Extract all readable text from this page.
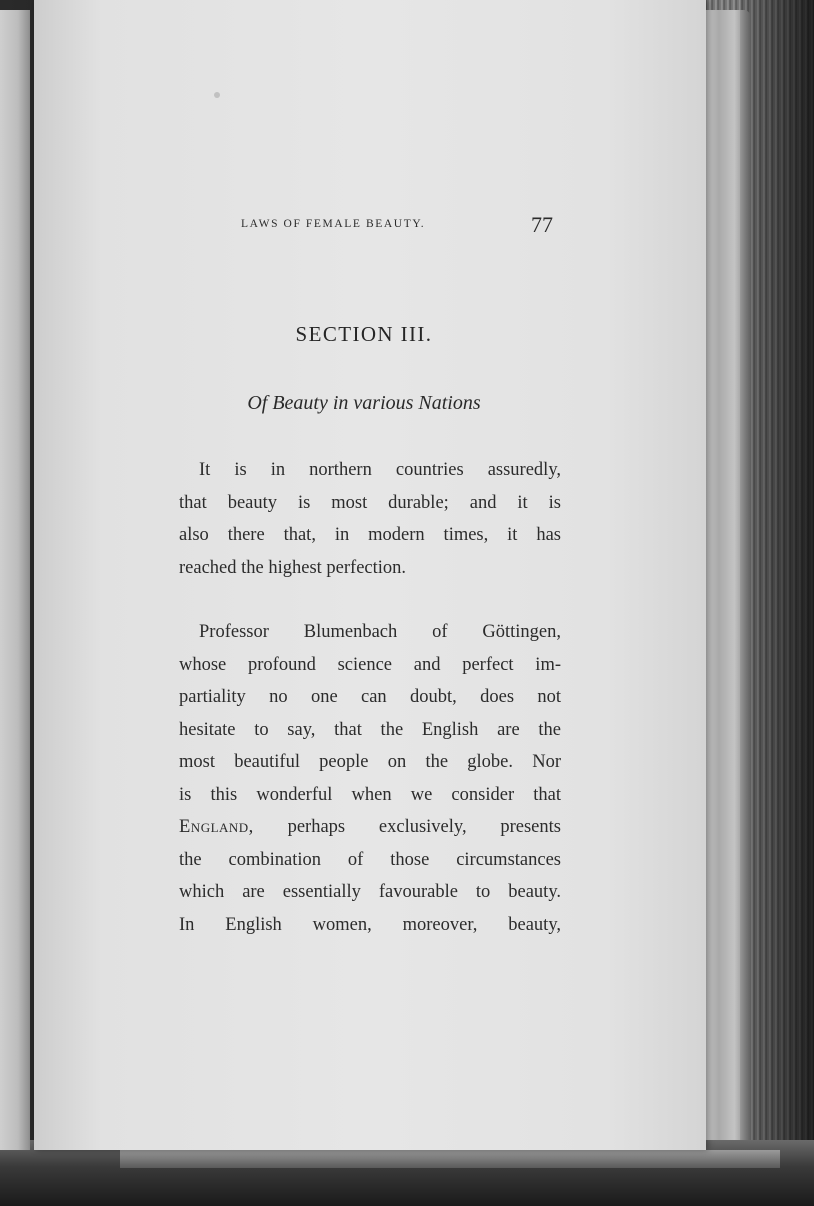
LAWS OF FEMALE BEAUTY.	77
SECTION III.
Of Beauty in various Nations
It is in northern countries assuredly,
that beauty is most durable; and it is
also there that, in modern times, it has
reached the highest perfection.
Professor Blumenbach of Göttingen,
whose profound science and perfect im-
partiality no one can doubt, does not
hesitate to say, that the English are the
most beautiful people on the globe. Nor
is this wonderful when we consider that
England, perhaps exclusively, presents
the combination of those circumstances
which are essentially favourable to beauty.
In English women, moreover, beauty,
